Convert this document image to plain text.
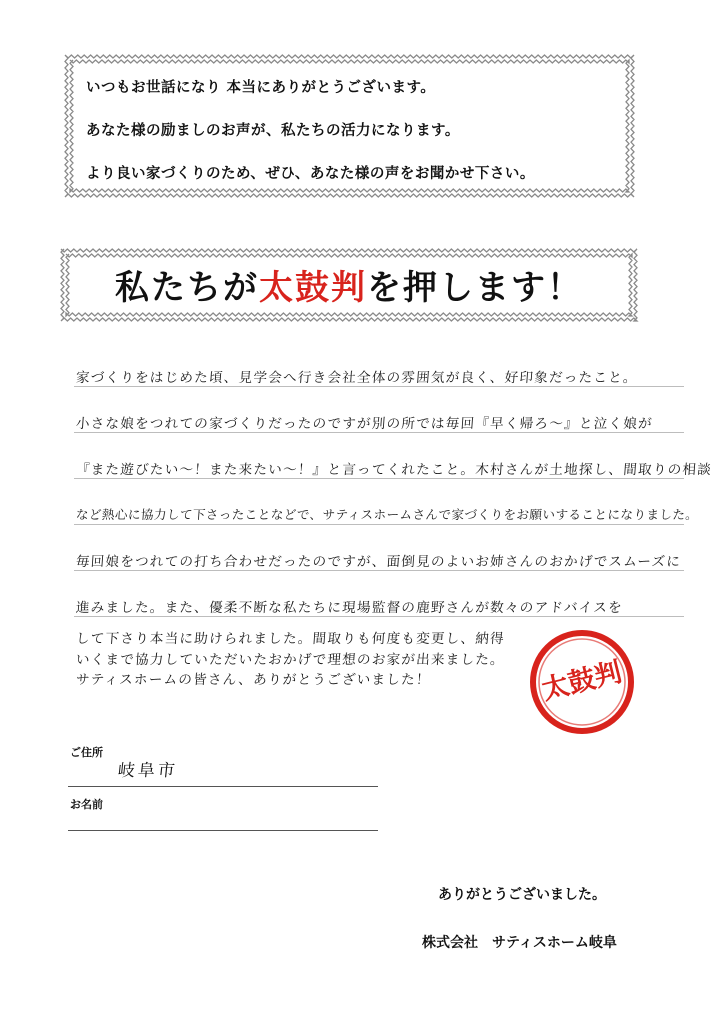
いつもお世話になり 本当にありがとうございます。
あなた様の励ましのお声が、私たちの活力になります。
より良い家づくりのため、ぜひ、あなた様の声をお聞かせ下さい。
私たちが太鼓判を押します！
家づくりをはじめた頃、見学会へ行き会社全体の雰囲気が良く、好印象だったこと。
小さな娘をつれての家づくりだったのですが別の所では毎回『早く帰ろ〜』と泣く娘が
『また遊びたい〜！また来たい〜！』と言ってくれたこと。木村さんが土地探し、間取りの相談
など熱心に協力して下さったことなどで、サティスホームさんで家づくりをお願いすることになりました。
毎回娘をつれての打ち合わせだったのですが、面倒見のよいお姉さんのおかげでスムーズに
進みました。また、優柔不断な私たちに現場監督の鹿野さんが数々のアドバイスを
して下さり本当に助けられました。間取りも何度も変更し、納得
いくまで協力していただいたおかげで理想のお家が出来ました。
サティスホームの皆さん、ありがとうございました！	太鼓判
ご住所
岐阜市
お名前
ありがとうございました。
株式会社　サティスホーム岐阜
